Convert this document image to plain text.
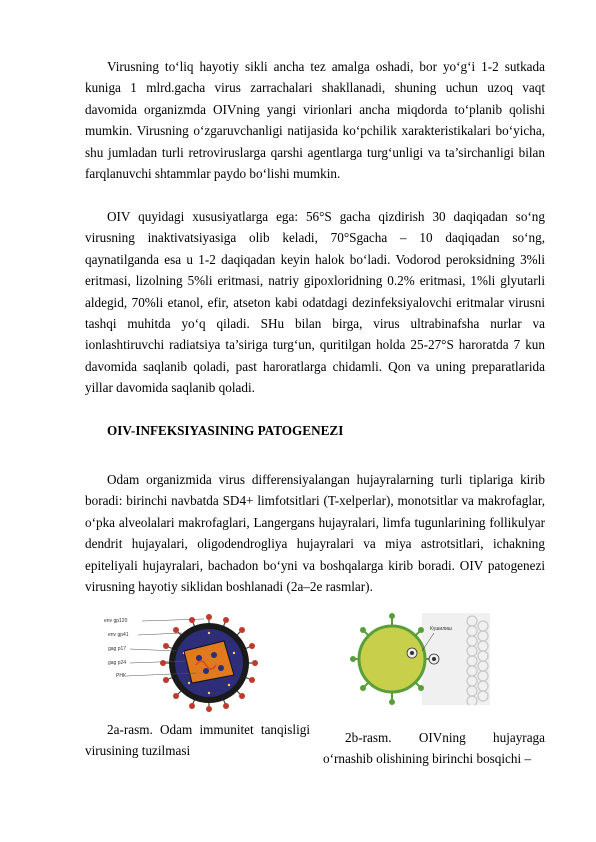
Virusning to‘liq hayotiy sikli ancha tez amalga oshadi, bor yo‘g‘i 1-2 sutkada kuniga 1 mlrd.gacha virus zarrachalari shakllanadi, shuning uchun uzoq vaqt davomida organizmda OIVning yangi virionlari ancha miqdorda to‘planib qolishi mumkin. Virusning o‘zgaruvchanligi natijasida ko‘pchilik xarakteristikalari bo‘yicha, shu jumladan turli retroviruslarga qarshi agentlarga turg‘unligi va ta’sirchanligi bilan farqlanuvchi shtammlar paydo bo‘lishi mumkin.

OIV quyidagi xususiyatlarga ega: 56°S gacha qizdirish 30 daqiqadan so‘ng virusning inaktivatsiyasiga olib keladi, 70°Sgacha – 10 daqiqadan so‘ng, qaynatilganda esa u 1-2 daqiqadan keyin halok bo‘ladi. Vodorod peroksidning 3%li eritmasi, lizolning 5%li eritmasi, natriy gipoxloridning 0.2% eritmasi, 1%li glyutarli aldegid, 70%li etanol, efir, atseton kabi odatdagi dezinfeksiyalovchi eritmalar virusni tashqi muhitda yo‘q qiladi. SHu bilan birga, virus ultrabinafsha nurlar va ionlashtiruvchi radiatsiya ta’siriga turg‘un, quritilgan holda 25-27°S haroratda 7 kun davomida saqlanib qoladi, past haroratlarga chidamli. Qon va uning preparatlarida yillar davomida saqlanib qoladi.

OIV-INFEKSIYASINING PATOGENEZI

Odam organizmida virus differensiyalangan hujayralarning turli tiplariga kirib boradi: birinchi navbatda SD4+ limfotsitlari (T-xelperlar), monotsitlar va makrofaglar, o‘pka alveolalari makrofaglari, Langergans hujayralari, limfa tugunlarining follikulyar dendrit hujayalari, oligodendrogliya hujayralari va miya astrotsitlari, ichakning epiteliyali hujayralari, bachadon bo‘yni va boshqalarga kirib boradi. OIV patogenezi virusning hayotiy siklidan boshlanadi (2a–2e rasmlar).

2a-rasm. Odam immunitet tanqisligi virusining tuzilmasi

2b-rasm. OIVning hujayraga o‘rnashib olishining birinchi bosqichi –

env gp120
env gp41
gag p17
gag p24
РНК
Күшилиш
